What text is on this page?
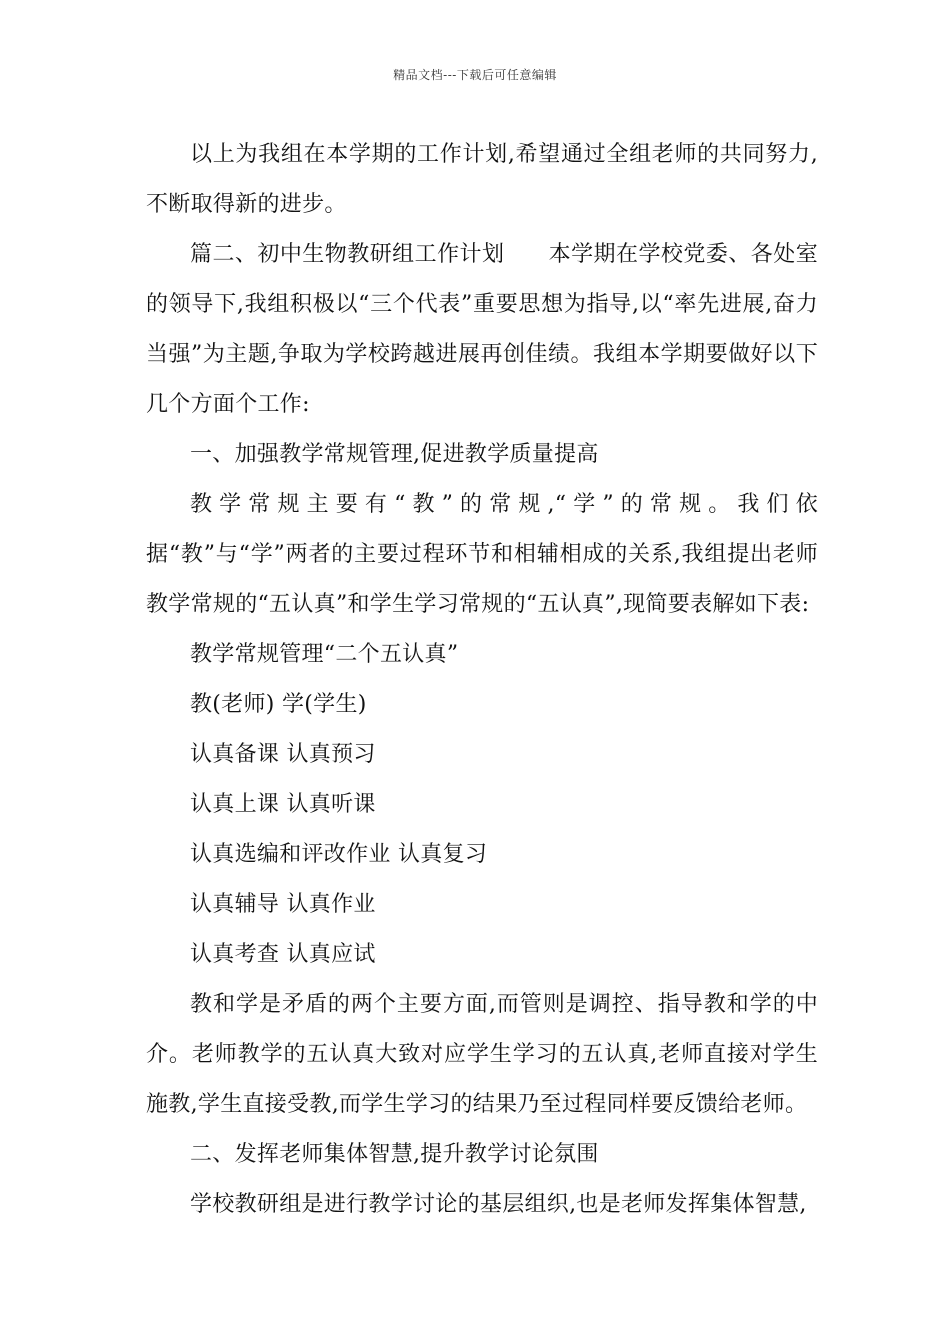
精品文档---下载后可任意编辑

以上为我组在本学期的工作计划,希望通过全组老师的共同努力,不断取得新的进步。

篇二、初中生物教研组工作计划 本学期在学校党委、各处室的领导下,我组积极以“三个代表”重要思想为指导,以“率先进展,奋力当强”为主题,争取为学校跨越进展再创佳绩。我组本学期要做好以下几个方面个工作:

一、加强教学常规管理,促进教学质量提高

教学常规主要有“教”的常规,“学”的常规。我们依据“教”与“学”两者的主要过程环节和相辅相成的关系,我组提出老师教学常规的“五认真”和学生学习常规的“五认真”,现简要表解如下表:

教学常规管理“二个五认真”

教(老师) 学(学生)

认真备课 认真预习

认真上课 认真听课

认真选编和评改作业 认真复习

认真辅导 认真作业

认真考查 认真应试

教和学是矛盾的两个主要方面,而管则是调控、指导教和学的中介。老师教学的五认真大致对应学生学习的五认真,老师直接对学生施教,学生直接受教,而学生学习的结果乃至过程同样要反馈给老师。

二、发挥老师集体智慧,提升教学讨论氛围

学校教研组是进行教学讨论的基层组织,也是老师发挥集体智慧,
